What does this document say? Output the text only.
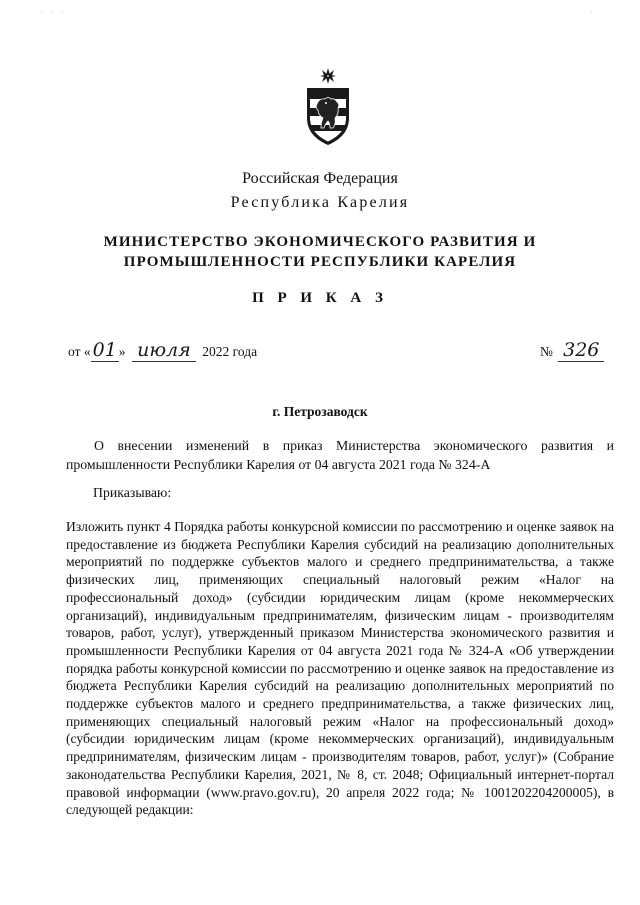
· · ·	·
Российская Федерация
Республика Карелия
МИНИСТЕРСТВО ЭКОНОМИЧЕСКОГО РАЗВИТИЯ И
ПРОМЫШЛЕННОСТИ РЕСПУБЛИКИ КАРЕЛИЯ
П Р И К А З
от « 01 » июля 2022 года	№ 326
г. Петрозаводск
О внесении изменений в приказ Министерства экономического развития и промышленности Республики Карелия от 04 августа 2021 года № 324-А
Приказываю:
Изложить пункт 4 Порядка работы конкурсной комиссии по рассмотрению и оценке заявок на предоставление из бюджета Республики Карелия субсидий на реализацию дополнительных мероприятий по поддержке субъектов малого и среднего предпринимательства, а также физических лиц, применяющих специальный налоговый режим «Налог на профессиональный доход» (субсидии юридическим лицам (кроме некоммерческих организаций), индивидуальным предпринимателям, физическим лицам - производителям товаров, работ, услуг), утвержденный приказом Министерства экономического развития и промышленности Республики Карелия от 04 августа 2021 года № 324-А «Об утверждении порядка работы конкурсной комиссии по рассмотрению и оценке заявок на предоставление из бюджета Республики Карелия субсидий на реализацию дополнительных мероприятий по поддержке субъектов малого и среднего предпринимательства, а также физических лиц, применяющих специальный налоговый режим «Налог на профессиональный доход» (субсидии юридическим лицам (кроме некоммерческих организаций), индивидуальным предпринимателям, физическим лицам - производителям товаров, работ, услуг)» (Собрание законодательства Республики Карелия, 2021, № 8, ст. 2048; Официальный интернет-портал правовой информации (www.pravo.gov.ru), 20 апреля 2022 года; № 1001202204200005), в следующей редакции:
